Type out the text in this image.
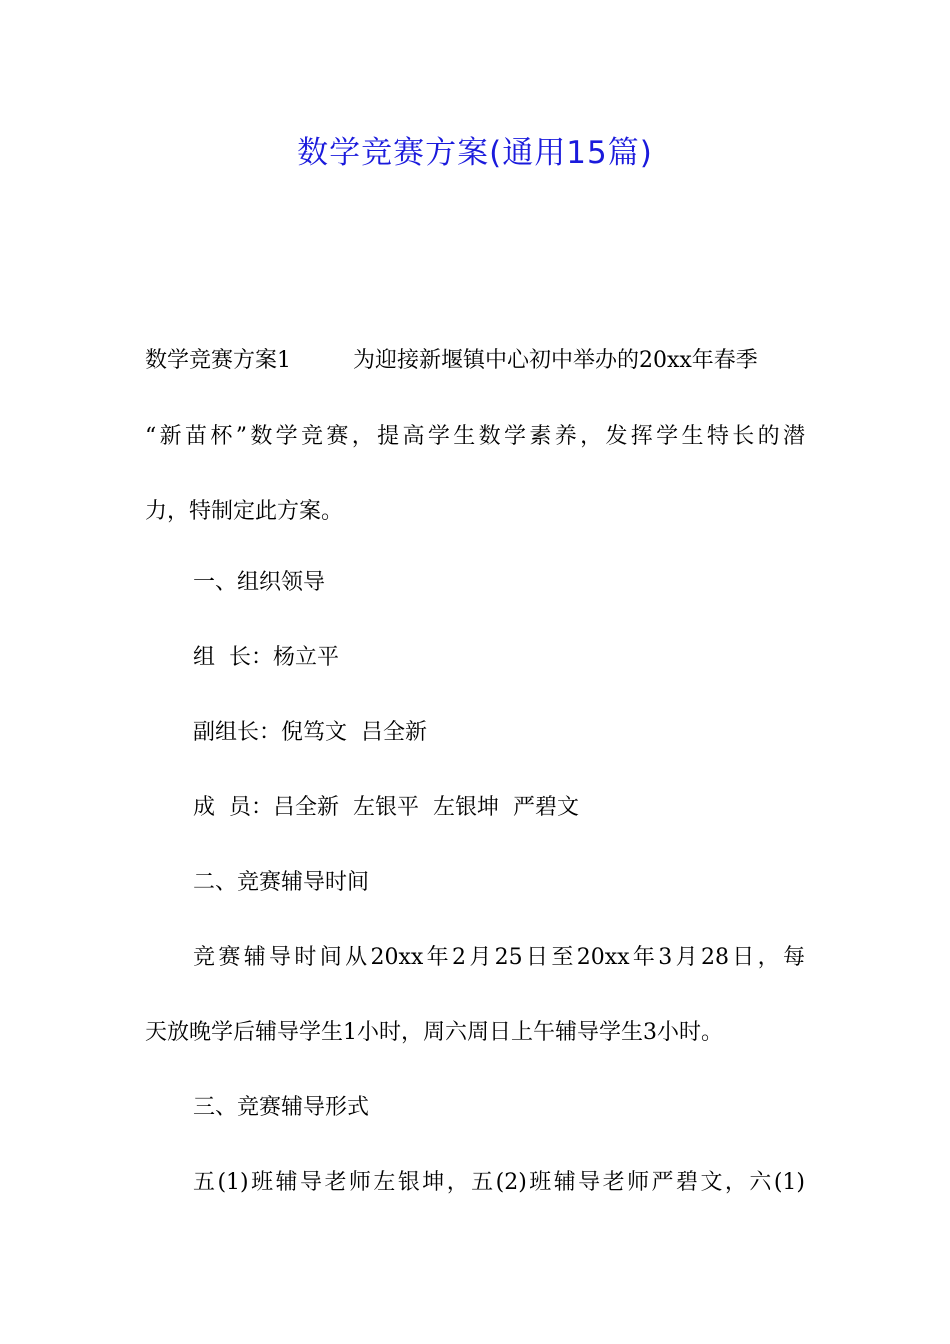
数学竞赛方案(通用15篇)
数学竞赛方案1	为迎接新堰镇中心初中举办的20xx年春季
“新苗杯”数学竞赛，提高学生数学素养，发挥学生特长的潜
力，特制定此方案。
一、组织领导
组  长：杨立平
副组长：倪笃文  吕全新
成  员：吕全新  左银平  左银坤  严碧文
二、竞赛辅导时间
竞赛辅导时间从20xx年2月25日至20xx年3月28日，每
天放晚学后辅导学生1小时，周六周日上午辅导学生3小时。
三、竞赛辅导形式
五(1)班辅导老师左银坤，五(2)班辅导老师严碧文，六(1)
